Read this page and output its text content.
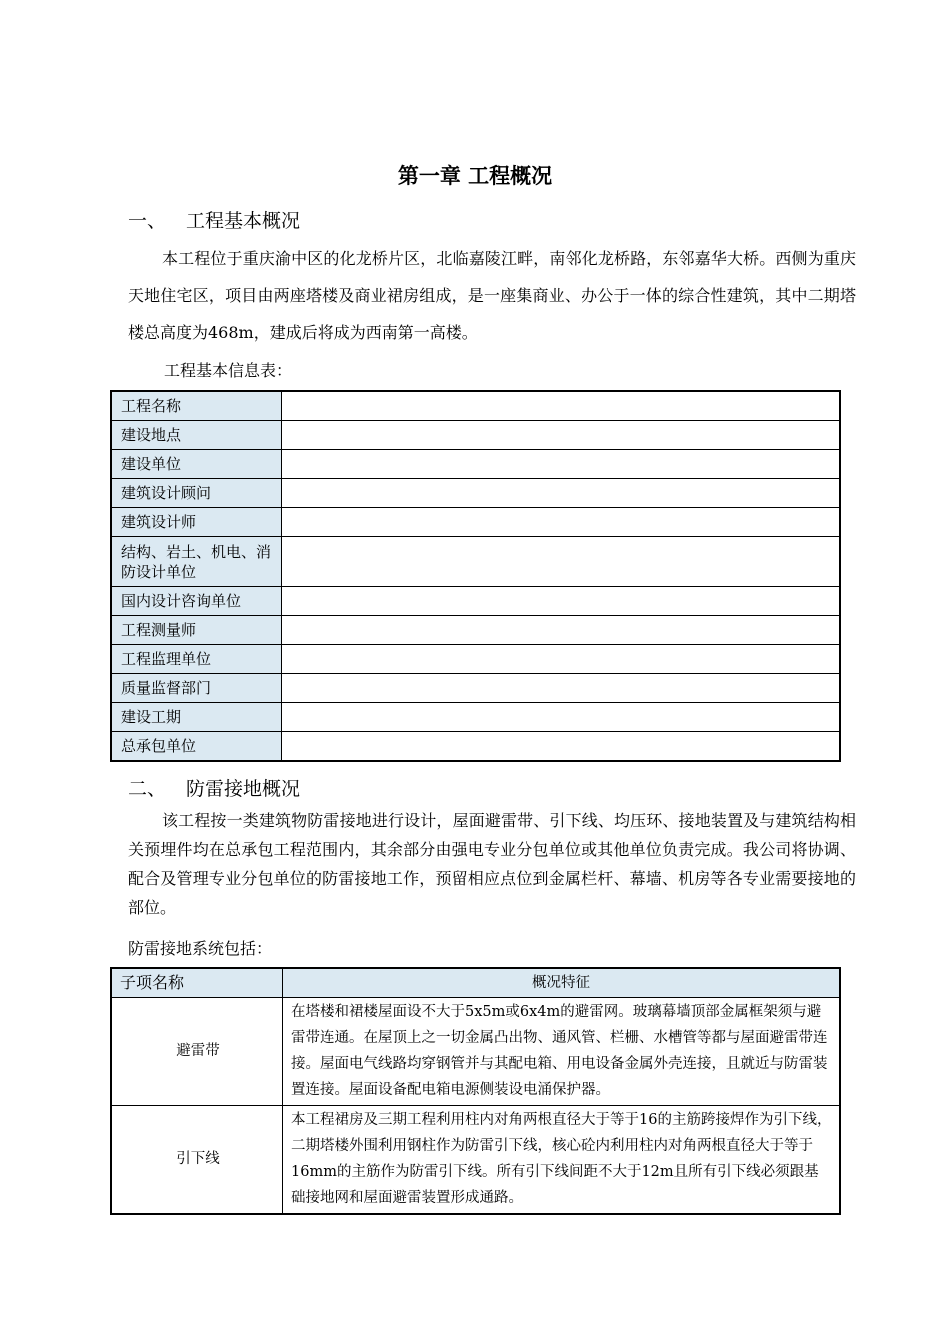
第一章 工程概况
一、 工程基本概况
本工程位于重庆渝中区的化龙桥片区，北临嘉陵江畔，南邻化龙桥路，东邻嘉华大桥。西侧为重庆天地住宅区，项目由两座塔楼及商业裙房组成，是一座集商业、办公于一体的综合性建筑，其中二期塔楼总高度为468m，建成后将成为西南第一高楼。
工程基本信息表：
工程名称	
建设地点	
建设单位	
建筑设计顾问	
建筑设计师	
结构、岩土、机电、消防设计单位	
国内设计咨询单位	
工程测量师	
工程监理单位	
质量监督部门	
建设工期	
总承包单位	
二、 防雷接地概况
该工程按一类建筑物防雷接地进行设计，屋面避雷带、引下线、均压环、接地装置及与建筑结构相关预埋件均在总承包工程范围内，其余部分由强电专业分包单位或其他单位负责完成。我公司将协调、配合及管理专业分包单位的防雷接地工作，预留相应点位到金属栏杆、幕墙、机房等各专业需要接地的部位。
防雷接地系统包括：
子项名称	概况特征
避雷带	在塔楼和裙楼屋面设不大于5x5m或6x4m的避雷网。玻璃幕墙顶部金属框架须与避雷带连通。在屋顶上之一切金属凸出物、通风管、栏栅、水槽管等都与屋面避雷带连接。屋面电气线路均穿钢管并与其配电箱、用电设备金属外壳连接，且就近与防雷装置连接。屋面设备配电箱电源侧装设电涌保护器。
引下线	本工程裙房及三期工程利用柱内对角两根直径大于等于16的主筋跨接焊作为引下线，二期塔楼外围利用钢柱作为防雷引下线，核心砼内利用柱内对角两根直径大于等于16mm的主筋作为防雷引下线。所有引下线间距不大于12m且所有引下线必须跟基础接地网和屋面避雷装置形成通路。
